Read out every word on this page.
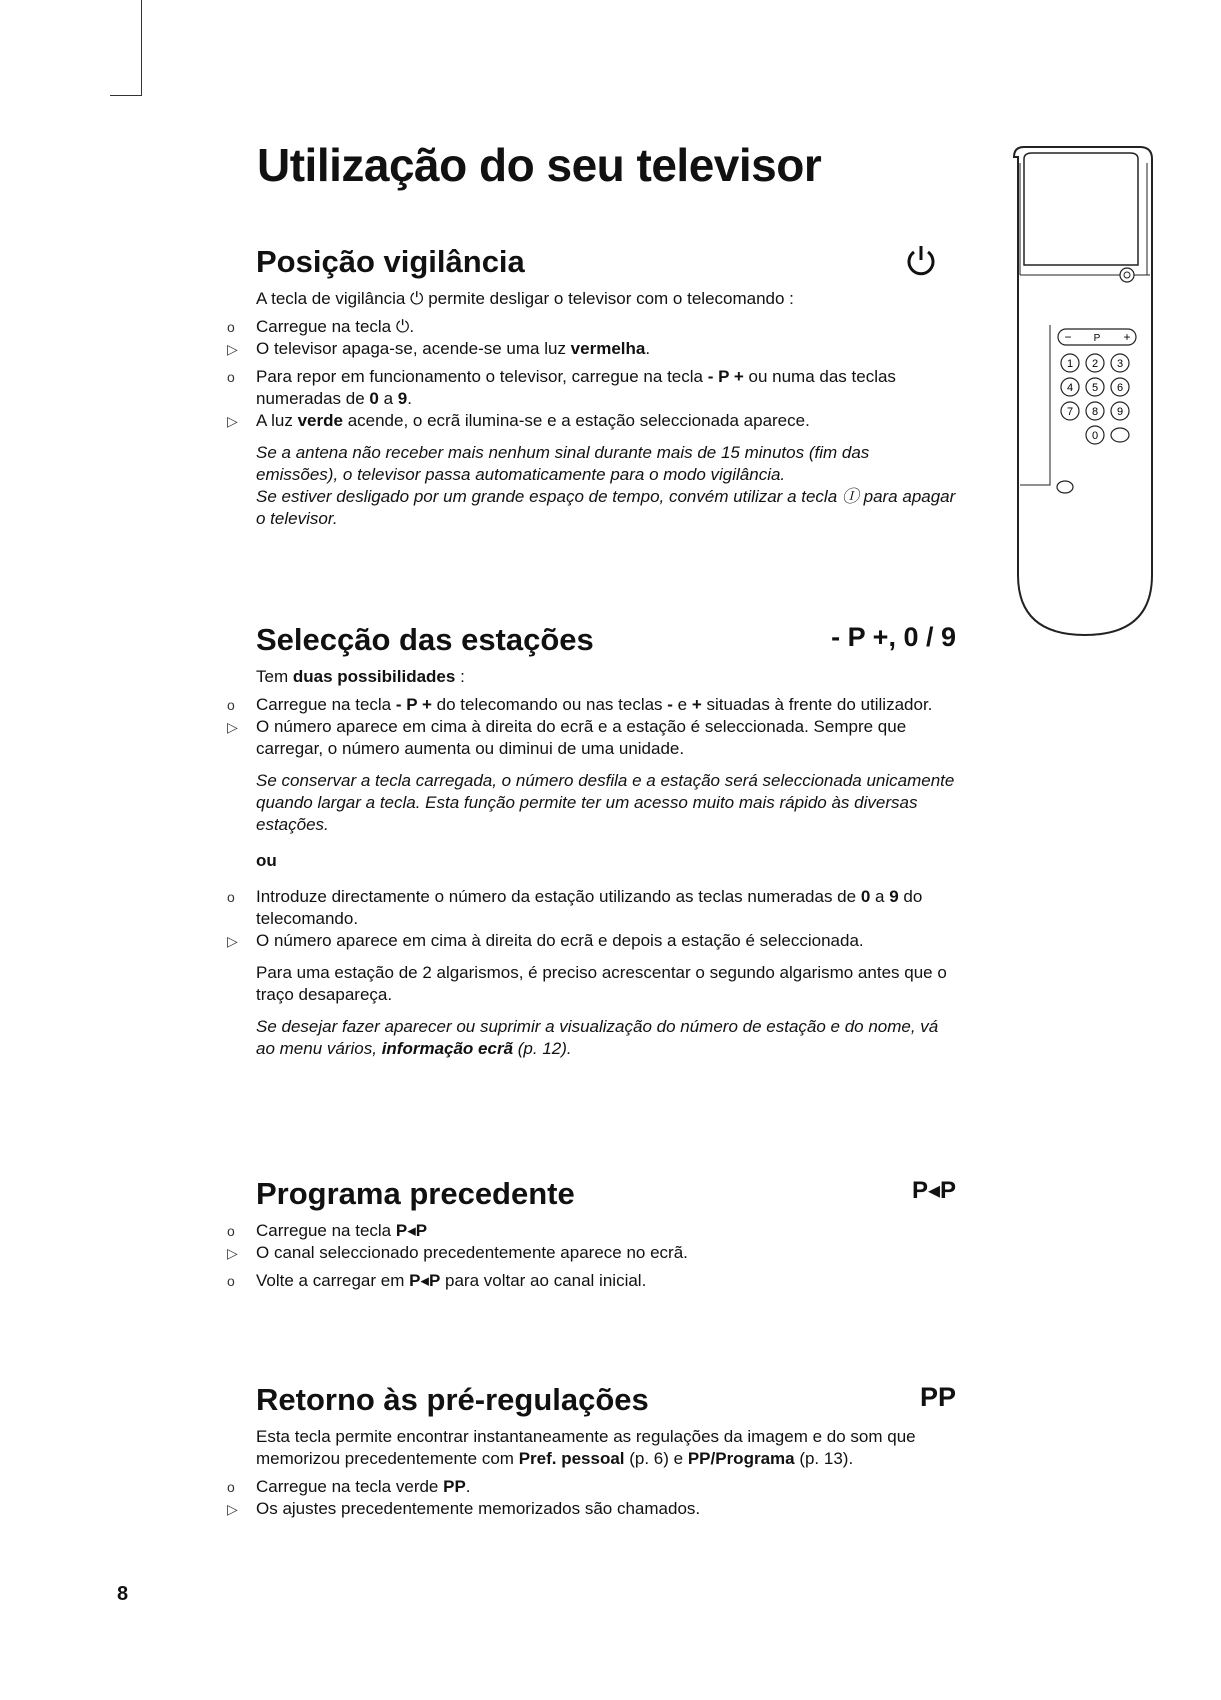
Utilização do seu televisor
Posição vigilância

A tecla de vigilância ⏻ permite desligar o televisor com o telecomando :

o	Carregue na tecla ⏻.

▷	O televisor apaga-se, acende-se uma luz vermelha.

o	Para repor em funcionamento o televisor, carregue na tecla - P + ou numa das teclas numeradas de 0 a 9.

▷	A luz verde acende, o ecrã ilumina-se e a estação seleccionada aparece.

Se a antena não receber mais nenhum sinal durante mais de 15 minutos (fim das emissões), o televisor passa automaticamente para o modo vigilância.
Se estiver desligado por um grande espaço de tempo, convém utilizar a tecla Ⓘ para apagar o televisor.

Selecção das estações	- P +, 0 / 9

Tem duas possibilidades :

o	Carregue na tecla - P + do telecomando ou nas teclas - e + situadas à frente do utilizador.

▷	O número aparece em cima à direita do ecrã e a estação é seleccionada. Sempre que carregar, o número aumenta ou diminui de uma unidade.

Se conservar a tecla carregada, o número desfila e a estação será seleccionada unicamente quando largar a tecla. Esta função permite ter um acesso muito mais rápido às diversas estações.

ou

o	Introduze directamente o número da estação utilizando as teclas numeradas de 0 a 9 do telecomando.

▷	O número aparece em cima à direita do ecrã e depois a estação é seleccionada.

Para uma estação de 2 algarismos, é preciso acrescentar o segundo algarismo antes que o traço desapareça.

Se desejar fazer aparecer ou suprimir a visualização do número de estação e do nome, vá ao menu vários, informação ecrã (p. 12).

Programa precedente	P◂P

o	Carregue na tecla P◂P

▷	O canal seleccionado precedentemente aparece no ecrã.

o	Volte a carregar em P◂P para voltar ao canal inicial.

Retorno às pré-regulações	PP

Esta tecla permite encontrar instantaneamente as regulações da imagem e do som que memorizou precedentemente com Pref. pessoal (p. 6) e PP/Programa (p. 13).

o	Carregue na tecla verde PP.

▷	Os ajustes precedentemente memorizados são chamados.

8
− P +
1 2 3
4 5 6
7 8 9
0
